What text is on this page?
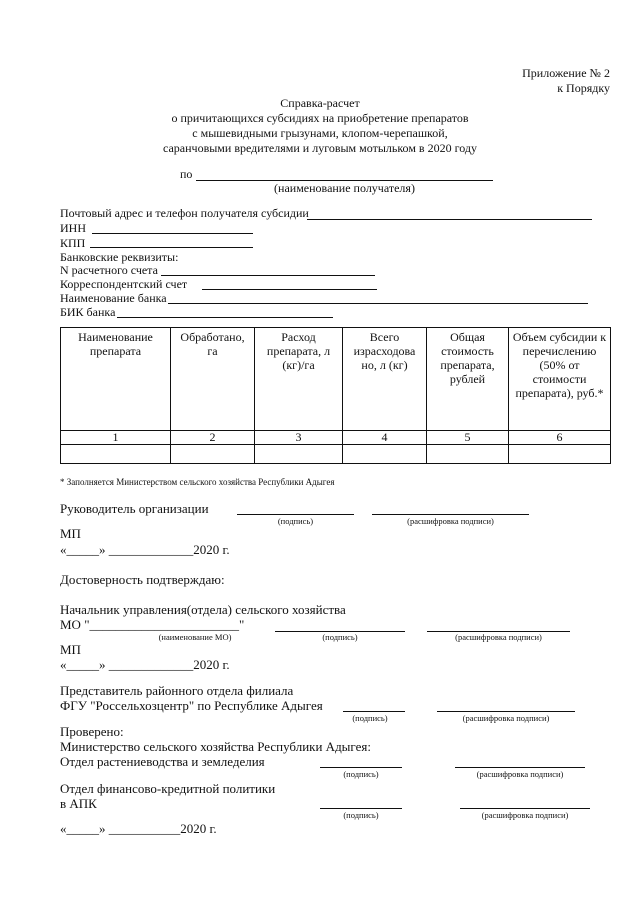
Приложение № 2
к Порядку
Справка-расчет
о причитающихся субсидиях на приобретение препаратов
с мышевидными грызунами, клопом-черепашкой,
саранчовыми вредителями и луговым мотыльком в 2020 году
по
(наименование получателя)
Почтовый адрес и телефон получателя субсидии
ИНН
КПП
Банковские реквизиты:
N расчетного счета
Корреспондентский счет
Наименование банка
БИК банка
Наименование препарата	Обработано, га	Расход препарата, л (кг)/га	Всего израсходова но, л (кг)	Общая стоимость препарата, рублей	Объем субсидии к перечислению (50% от стоимости препарата), руб.*
1	2	3	4	5	6

* Заполняется Министерством сельского хозяйства Республики Адыгея
Руководитель организации
(подпись)	(расшифровка подписи)
МП
«_____» _____________2020 г.
Достоверность подтверждаю:
Начальник управления(отдела) сельского хозяйства
МО "_______________________"
(наименование МО)	(подпись)	(расшифровка подписи)
МП
«_____» _____________2020 г.
Представитель районного отдела филиала
ФГУ "Россельхозцентр" по Республике Адыгея
(подпись)	(расшифровка подписи)
Проверено:
Министерство сельского хозяйства Республики Адыгея:
Отдел растениеводства и земледелия
(подпись)	(расшифровка подписи)
Отдел финансово-кредитной политики
в АПК
(подпись)	(расшифровка подписи)
«_____» ___________2020 г.
